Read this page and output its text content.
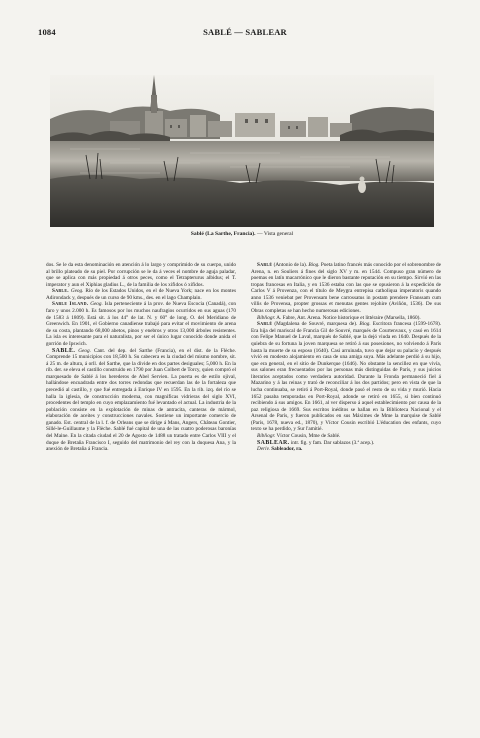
1084	SABLÉ — SABLEAR
Sablé (La Sarthe, Francia). — Vista general

dos. Se le da esta denominación en atención á lo largo y comprimido de su cuerpo, unido al brillo plateado de su piel. Por corrupción se le da á veces el nombre de aguja paladar, que se aplica con más propiedad á otros peces, como el Tetrapterurus albidus; el T. imperator y aun el Xiphias gladius L., de la familia de los xifidos ó xifidos.

Sable. Geog. Río de los Estados Unidos, en el de Nueva York; nace en los montes Adirondack y, después de un curso de 90 kms., des. en el lago Champlain.

Sable Island. Geog. Isla perteneciente á la prov. de Nueva Escocia (Canadá), con faro y unos 2.000 h. Es famosos por los muchos naufragios ocurridos en sus aguas (170 de 1583 á 1809). Está sit. á los 44° de lat. N. y 60° de long. O. del Meridiano de Greenwich. En 1901, el Gobierno canadiense trabajó para evitar el movimiento de arena de su costa, plantando 68,000 abetos, pinos y enebros y otros 13,000 árboles resistentes. La isla es interesante para el naturalista, por ser el único lugar conocido donde anida el gorrión de Ipswich.

SABLÉ. Geog. Cant. del dep. del Sarthe (Francia), en el dist. de la Flèche. Comprende 15 municipios con 18,500 h. Su cabecera es la ciudad del mismo nombre, sit. á 25 m. de altura, á orll. del Sarthe, que la divide en dos partes desiguales; 5,000 h. En la rib. der. se eleva el castillo construido en 1790 por Juan Colbert de Torcy, quien compró el marquesado de Sablé á los herederos de Abel Servien. La puerta es de estilo ojival, hallándose encuadrada entre dos torres redondas que recuerdan las de la fortaleza que precedió al castillo, y que fué entregada á Enrique IV en 1595. En la rib. izq. del río se halla la iglesia, de construcción moderna, con magníficas vidrieras del siglo XVI, procedentes del templo en cuyo emplazamiento fué levantado el actual. La industria de la población consiste en la explotación de minas de antracita, canteras de mármol, elaboración de aceites y construcciones navales. Sostiene un importante comercio de ganado. Est. central de la l. f. de Orleans que se dirige á Mans, Angers, Château Gontier, Sillé-le-Guillaume y la Flèche. Sablé fué capital de una de las cuatro poderosas baronías del Maine. En la citada ciudad el 20 de Agosto de 1488 un tratado entre Carlos VIII y el duque de Bretaña Francisco I, seguido del matrimonio del rey con la duquesa Ana, y la anexión de Bretaña á Francia.

Sablé (Antonio de la). Biog. Poeta latino francés más conocido por el sobrenombre de Arena, n. en Souliers á fines del siglo XV y m. en 1544. Compuso gran número de poemas en latín macarrónico que le dieron bastante reputación en su tiempo. Sirvió en las tropas francesas en Italia, y en 1536 estaba con las que se opusieron á la expedición de Carlos V á Provenza, con el título de Meygra entrepisa catholiqua imperatoris quando anno 1536 veniebat per Provensam bene carrossatus in postam prendere Franssam cum villis de Provensa, propter grossas et menutas gentes rejohire (Aviñón, 1536). De sus Obras completas se han hecho numerosas ediciones.

Bibliogr. A. Fabre, Ant. Arena. Notice historique et littéraire (Marsella, 1860).

Sablé (Magdalena de Souvré, marquesa de). Biog. Escritora francesa (1599-1678). Era hija del mariscal de Francia Gil de Souvré, marqués de Courtenvaux, y casó en 1614 con Felipe Manuel de Laval, marqués de Sablé, que la dejó viuda en 1640. Después de la quiebra de su fortuna la joven marquesa se retiró á sus posesiones, no volviendo á París hasta la muerte de su esposo (1640). Casi arruinada, tuvo que dejar su palacio y después vivió en modesto alojamiento en casa de una amiga suya. Más adelante perdió á su hijo, que era general, en el sitio de Dunkerque (1646). No obstante la sencillez en que vivía, sus salones eran frecuentados por las personas más distinguidas de París, y sus juicios literarios aceptados como verdadera autoridad. Durante la Fronda permaneció fiel á Mazarino y á las reinas y trató de reconciliar á los dos partidos; pero en vista de que la lucha continuaba, se retiró á Port-Royal, donde pasó el resto de su vida y murió. Hacia 1652 pasaba temporadas en Port-Royal, adonde se retiró en 1655, si bien continuó recibiendo á sus amigos. En 1661, al ver disperso á aquel establecimiento por causa de la paz religiosa de 1669. Sus escritos inéditos se hallan en la Biblioteca Nacional y el Arsenal de París, y fueron publicados en sus Máximes de Mme la marquise de Sablé (París, 1678, nueva ed., 1870), y Víctor Cousin escribió L'éducation des enfants, cuyo texto se ha perdido, y Sur l'amitié.

Bibliogr. Víctor Cousin, Mme de Sablé.

SABLEAR. intr. fig. y fam. Dar sablazos (3.ª acep.).

Deriv. Sableador, ra.
